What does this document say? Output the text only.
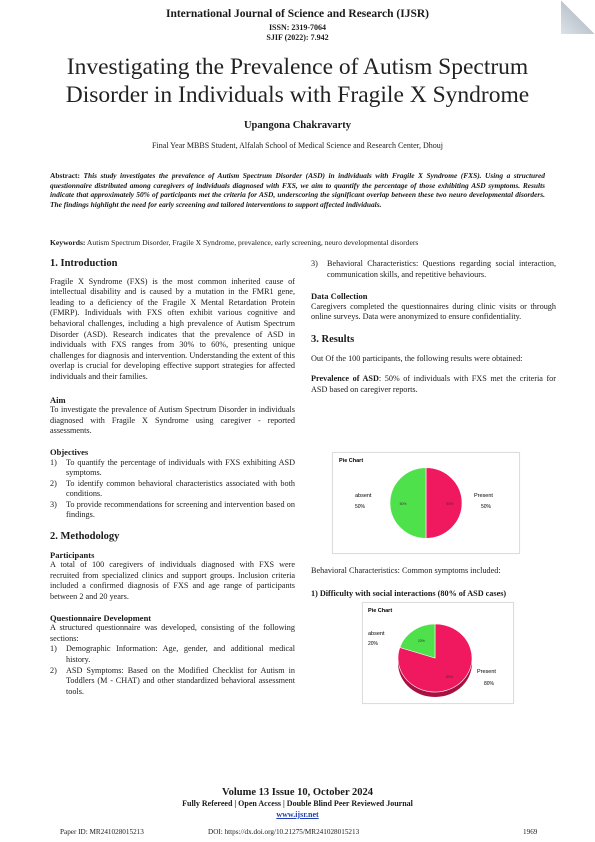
International Journal of Science and Research (IJSR)
ISSN: 2319-7064
SJIF (2022): 7.942
Investigating the Prevalence of Autism Spectrum
Disorder in Individuals with Fragile X Syndrome
Upangona Chakravarty
Final Year MBBS Student, Alfalah School of Medical Science and Research Center, Dhouj
Abstract: This study investigates the prevalence of Autism Spectrum Disorder (ASD) in individuals with Fragile X Syndrome (FXS). Using a structured questionnaire distributed among caregivers of individuals diagnosed with FXS, we aim to quantify the percentage of those exhibiting ASD symptoms. Results indicate that approximately 50% of participants met the criteria for ASD, underscoring the significant overlap between these two neuro developmental disorders. The findings highlight the need for early screening and tailored interventions to support affected individuals.
Keywords: Autism Spectrum Disorder, Fragile X Syndrome, prevalence, early screening, neuro developmental disorders
1. Introduction
Fragile X Syndrome (FXS) is the most common inherited cause of intellectual disability and is caused by a mutation in the FMR1 gene, leading to a deficiency of the Fragile X Mental Retardation Protein (FMRP). Individuals with FXS often exhibit various cognitive and behavioral challenges, including a high prevalence of Autism Spectrum Disorder (ASD). Research indicates that the prevalence of ASD in individuals with FXS ranges from 30% to 60%, presenting unique challenges for diagnosis and intervention. Understanding the extent of this overlap is crucial for developing effective support strategies for affected individuals and their families.
Aim
To investigate the prevalence of Autism Spectrum Disorder in individuals diagnosed with Fragile X Syndrome using caregiver - reported assessments.
Objectives
1) To quantify the percentage of individuals with FXS exhibiting ASD symptoms.
2) To identify common behavioral characteristics associated with both conditions.
3) To provide recommendations for screening and intervention based on findings.
2. Methodology
Participants
A total of 100 caregivers of individuals diagnosed with FXS were recruited from specialized clinics and support groups. Inclusion criteria included a confirmed diagnosis of FXS and age range of participants between 2 and 20 years.
Questionnaire Development
A structured questionnaire was developed, consisting of the following sections:
1) Demographic Information: Age, gender, and additional medical history.
2) ASD Symptoms: Based on the Modified Checklist for Autism in Toddlers (M - CHAT) and other standardized behavioral assessment tools.
3) Behavioral Characteristics: Questions regarding social interaction, communication skills, and repetitive behaviours.
Data Collection
Caregivers completed the questionnaires during clinic visits or through online surveys. Data were anonymized to ensure confidentiality.
3. Results
Out Of the 100 participants, the following results were obtained:
Prevalence of ASD: 50% of individuals with FXS met the criteria for ASD based on caregiver reports.
Pie Chart
50%
50%
absent
50%
Present
50%
Behavioral Characteristics: Common symptoms included:
1) Difficulty with social interactions (80% of ASD cases)
Pie Chart
80%
20%
absent
20%
Present
80%
Volume 13 Issue 10, October 2024
Fully Refereed | Open Access | Double Blind Peer Reviewed Journal
www.ijsr.net
Paper ID: MR241028015213	DOI: https://dx.doi.org/10.21275/MR241028015213	1969
